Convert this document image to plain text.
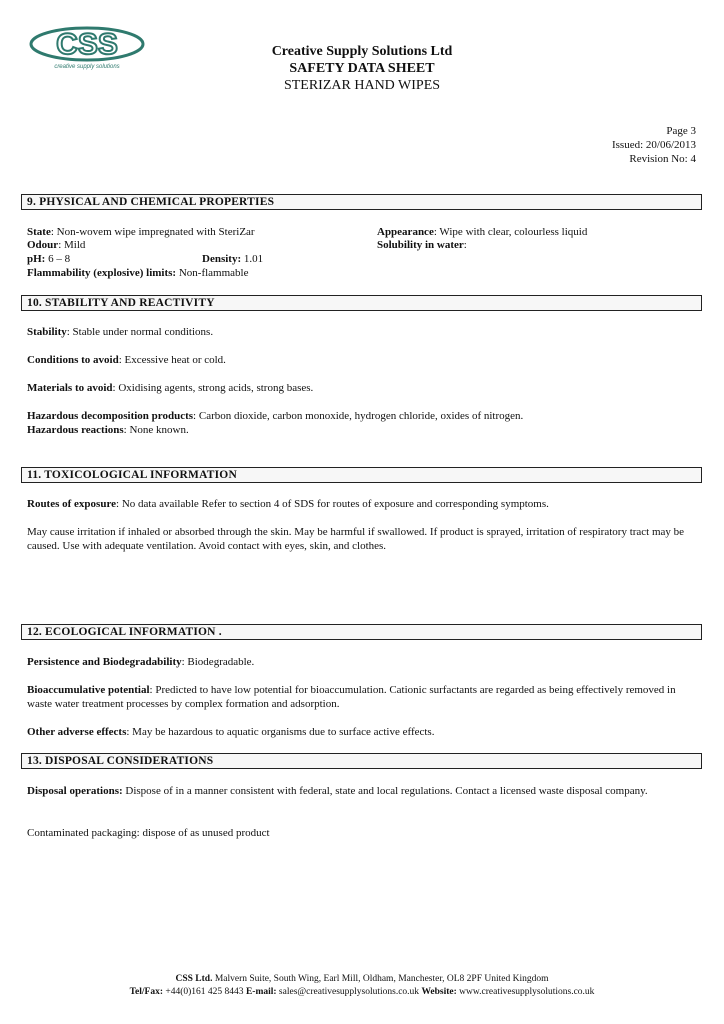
CSS
creative supply solutions
Creative Supply Solutions Ltd
SAFETY DATA SHEET
STERIZAR HAND WIPES
Page 3
Issued: 20/06/2013
Revision No: 4
9. PHYSICAL AND CHEMICAL PROPERTIES
State: Non-wovem wipe impregnated with SteriZar
Odour: Mild
pH: 6 – 8	Density: 1.01
Flammability (explosive) limits: Non-flammable
Appearance: Wipe with clear, colourless liquid
Solubility in water:
10. STABILITY AND REACTIVITY
Stability: Stable under normal conditions.
Conditions to avoid: Excessive heat or cold.
Materials to avoid: Oxidising agents, strong acids, strong bases.
Hazardous decomposition products: Carbon dioxide, carbon monoxide, hydrogen chloride, oxides of nitrogen.
Hazardous reactions: None known.
11. TOXICOLOGICAL INFORMATION
Routes of exposure: No data available Refer to section 4 of SDS for routes of exposure and corresponding symptoms.
May cause irritation if inhaled or absorbed through the skin. May be harmful if swallowed. If product is sprayed, irritation of respiratory tract may be caused. Use with adequate ventilation. Avoid contact with eyes, skin, and clothes.
12. ECOLOGICAL INFORMATION .
Persistence and Biodegradability: Biodegradable.
Bioaccumulative potential: Predicted to have low potential for bioaccumulation. Cationic surfactants are regarded as being effectively removed in waste water treatment processes by complex formation and adsorption.
Other adverse effects: May be hazardous to aquatic organisms due to surface active effects.
13. DISPOSAL CONSIDERATIONS
Disposal operations: Dispose of in a manner consistent with federal, state and local regulations. Contact a licensed waste disposal company.
Contaminated packaging: dispose of as unused product
CSS Ltd. Malvern Suite, South Wing, Earl Mill, Oldham, Manchester, OL8 2PF United Kingdom
Tel/Fax: +44(0)161 425 8443 E-mail: sales@creativesupplysolutions.co.uk Website: www.creativesupplysolutions.co.uk
